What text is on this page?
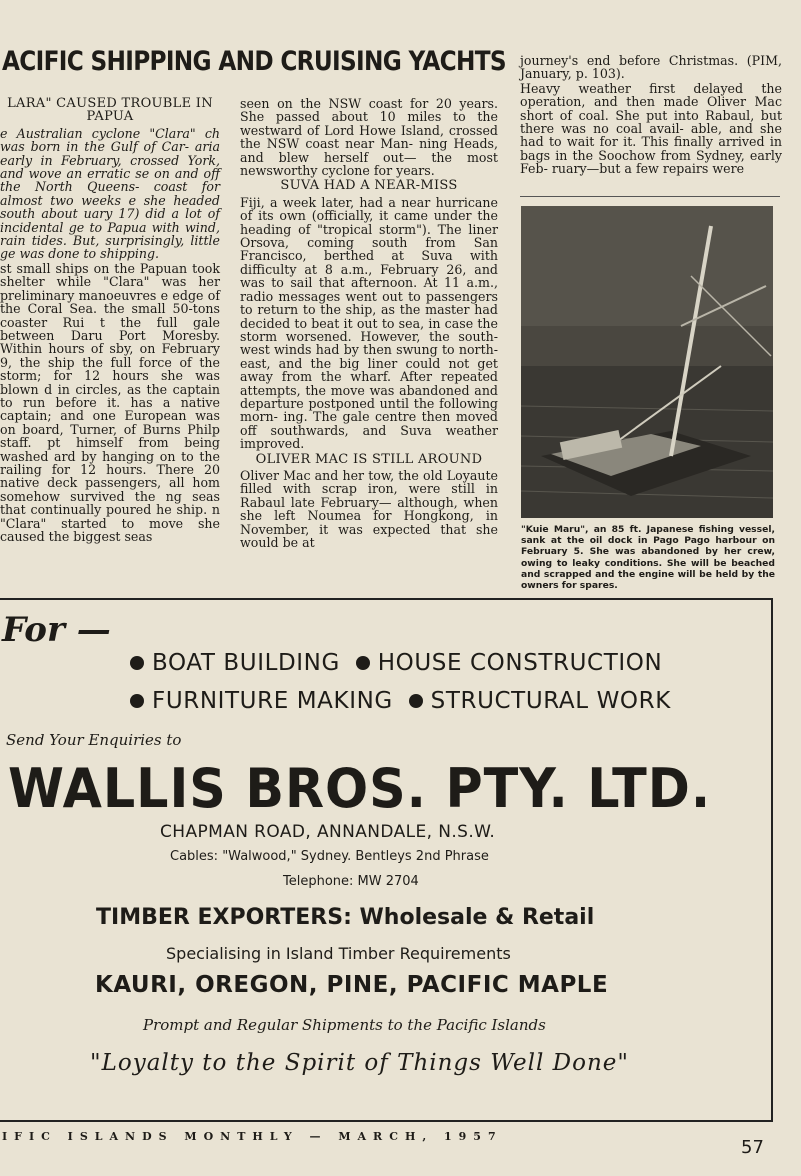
ACIFIC SHIPPING AND CRUISING YACHTS
LARA" CAUSED TROUBLE IN PAPUA

e Australian cyclone "Clara" ch was born in the Gulf of Car- aria early in February, crossed York, and wove an erratic se on and off the North Queens- coast for almost two weeks e she headed south about uary 17) did a lot of incidental ge to Papua with wind, rain tides. But, surprisingly, little ge was done to shipping.

st small ships on the Papuan took shelter while "Clara" was her preliminary manoeuvres e edge of the Coral Sea. the small 50-tons coaster Rui t the full gale between Daru Port Moresby. Within hours of sby, on February 9, the ship the full force of the storm; for 12 hours she was blown d in circles, as the captain to run before it. has a native captain; and one European was on board, Turner, of Burns Philp staff. pt himself from being washed ard by hanging on to the railing for 12 hours. There 20 native deck passengers, all hom somehow survived the ng seas that continually poured he ship. n "Clara" started to move she caused the biggest seas

seen on the NSW coast for 20 years. She passed about 10 miles to the westward of Lord Howe Island, crossed the NSW coast near Man- ning Heads, and blew herself out— the most newsworthy cyclone for years.

SUVA HAD A NEAR-MISS

Fiji, a week later, had a near hurricane of its own (officially, it came under the heading of "tropical storm"). The liner Orsova, coming south from San Francisco, berthed at Suva with difficulty at 8 a.m., February 26, and was to sail that afternoon. At 11 a.m., radio messages went out to passengers to return to the ship, as the master had decided to beat it out to sea, in case the storm worsened. However, the south-west winds had by then swung to north-east, and the big liner could not get away from the wharf. After repeated attempts, the move was abandoned and departure postponed until the following morn- ing. The gale centre then moved off southwards, and Suva weather improved.

OLIVER MAC IS STILL AROUND

Oliver Mac and her tow, the old Loyaute filled with scrap iron, were still in Rabaul late February— although, when she left Noumea for Hongkong, in November, it was expected that she would be at

journey's end before Christmas. (PIM, January, p. 103).

Heavy weather first delayed the operation, and then made Oliver Mac short of coal. She put into Rabaul, but there was no coal avail- able, and she had to wait for it. This finally arrived in bags in the Soochow from Sydney, early Feb- ruary—but a few repairs were

"Kuie Maru", an 85 ft. Japanese fishing vessel, sank at the oil dock in Pago Pago harbour on February 5. She was abandoned by her crew, owing to leaky conditions. She will be beached and scrapped and the engine will be held by the owners for spares.
For —
BOAT BUILDING HOUSE CONSTRUCTION
FURNITURE MAKING STRUCTURAL WORK
Send Your Enquiries to
WALLIS BROS. PTY. LTD.
CHAPMAN ROAD, ANNANDALE, N.S.W.
Cables: "Walwood," Sydney. Bentleys 2nd Phrase
Telephone: MW 2704
TIMBER EXPORTERS: Wholesale & Retail
Specialising in Island Timber Requirements
KAURI, OREGON, PINE, PACIFIC MAPLE
Prompt and Regular Shipments to the Pacific Islands
"Loyalty to the Spirit of Things Well Done"
IFIC ISLANDS MONTHLY — MARCH, 1957
57
